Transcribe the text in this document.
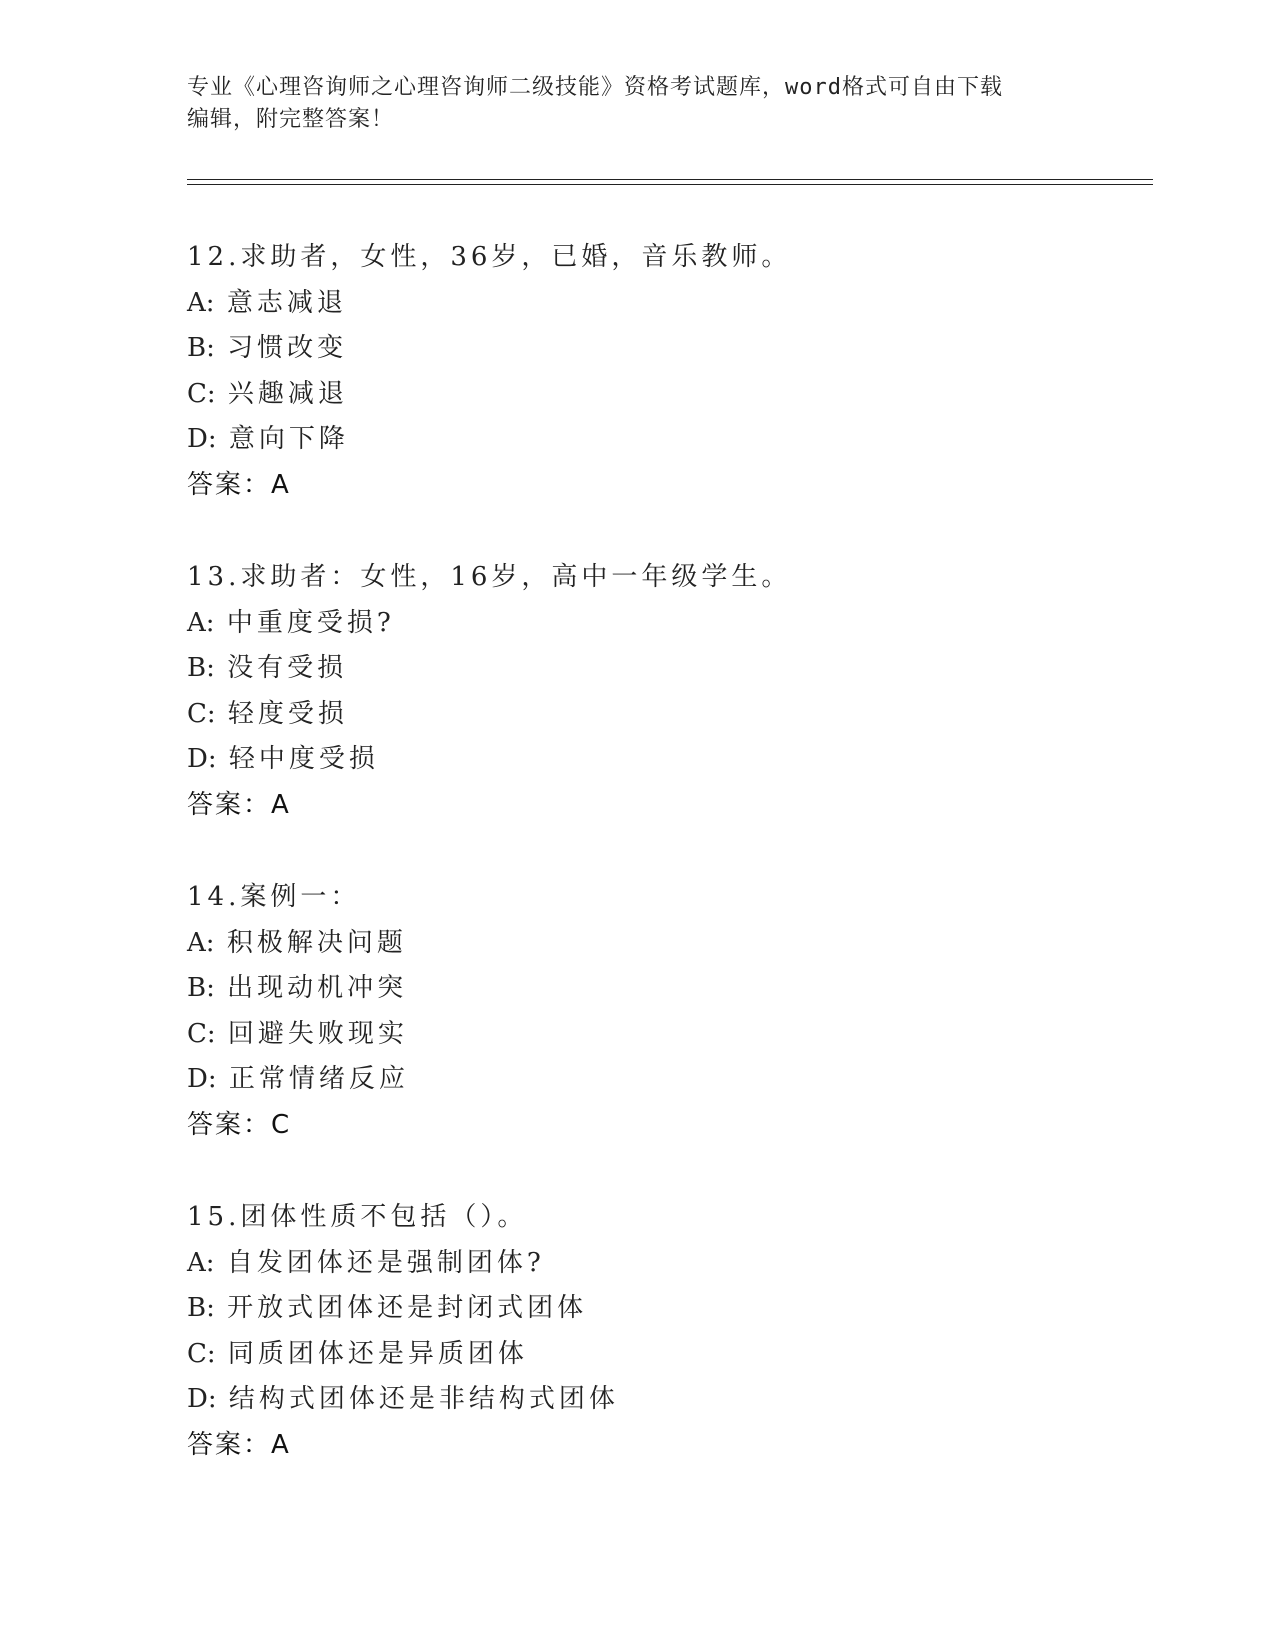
专业《心理咨询师之心理咨询师二级技能》资格考试题库，word格式可自由下载
编辑，附完整答案！
12.求助者，女性，36岁，已婚，音乐教师。
A: 意志减退
B: 习惯改变
C: 兴趣减退
D: 意向下降
答案：A
13.求助者：女性，16岁，高中一年级学生。
A: 中重度受损?
B: 没有受损
C: 轻度受损
D: 轻中度受损
答案：A
14.案例一：
A: 积极解决问题
B: 出现动机冲突
C: 回避失败现实
D: 正常情绪反应
答案：C
15.团体性质不包括（）。
A: 自发团体还是强制团体?
B: 开放式团体还是封闭式团体
C: 同质团体还是异质团体
D: 结构式团体还是非结构式团体
答案：A
